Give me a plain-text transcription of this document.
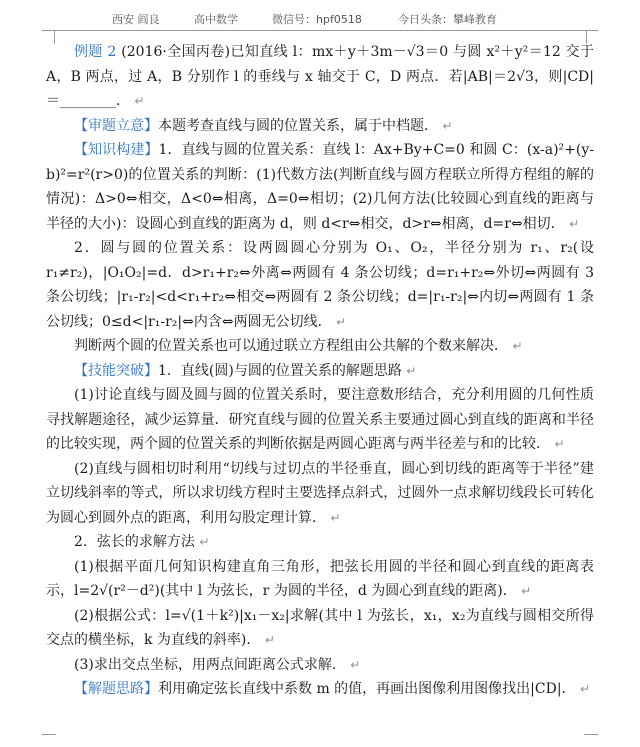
西安 阎良	高中数学	微信号：hpf0518	今日头条：攀峰教育

例题 2 (2016·全国丙卷)已知直线 l：mx＋y＋3m－√3＝0 与圆 x²＋y²＝12 交于 A，B 两点，过 A，B 分别作 l 的垂线与 x 轴交于 C，D 两点．若|AB|＝2√3，则|CD|＝________． ↵

【审题立意】本题考查直线与圆的位置关系，属于中档题． ↵

【知识构建】1．直线与圆的位置关系：直线 l：Ax+By+C=0 和圆 C：(x-a)²+(y-b)²=r²(r>0)的位置关系的判断：(1)代数方法(判断直线与圆方程联立所得方程组的解的情况)：Δ>0⇔相交，Δ<0⇔相离，Δ=0⇔相切；(2)几何方法(比较圆心到直线的距离与半径的大小)：设圆心到直线的距离为 d，则 d<r⇔相交，d>r⇔相离，d=r⇔相切． ↵

2．圆与圆的位置关系：设两圆圆心分别为 O₁、O₂，半径分别为 r₁、r₂(设 r₁≠r₂)，|O₁O₂|=d．d>r₁+r₂⇔外离⇔两圆有 4 条公切线；d=r₁+r₂⇔外切⇔两圆有 3 条公切线；|r₁-r₂|<d<r₁+r₂⇔相交⇔两圆有 2 条公切线；d=|r₁-r₂|⇔内切⇔两圆有 1 条公切线；0≤d<|r₁-r₂|⇔内含⇔两圆无公切线． ↵

判断两个圆的位置关系也可以通过联立方程组由公共解的个数来解决． ↵

【技能突破】1．直线(圆)与圆的位置关系的解题思路 ↵

(1)讨论直线与圆及圆与圆的位置关系时，要注意数形结合，充分利用圆的几何性质寻找解题途径，减少运算量．研究直线与圆的位置关系主要通过圆心到直线的距离和半径的比较实现，两个圆的位置关系的判断依据是两圆心距离与两半径差与和的比较． ↵

(2)直线与圆相切时利用“切线与过切点的半径垂直，圆心到切线的距离等于半径”建立切线斜率的等式，所以求切线方程时主要选择点斜式，过圆外一点求解切线段长可转化为圆心到圆外点的距离，利用勾股定理计算． ↵

2．弦长的求解方法 ↵

(1)根据平面几何知识构建直角三角形，把弦长用圆的半径和圆心到直线的距离表示，l=2√(r²－d²)(其中 l 为弦长，r 为圆的半径，d 为圆心到直线的距离)． ↵

(2)根据公式：l=√(1＋k²)|x₁－x₂|求解(其中 l 为弦长，x₁，x₂为直线与圆相交所得交点的横坐标，k 为直线的斜率)． ↵

(3)求出交点坐标，用两点间距离公式求解． ↵

【解题思路】利用确定弦长直线中系数 m 的值，再画出图像利用图像找出|CD|． ↵
